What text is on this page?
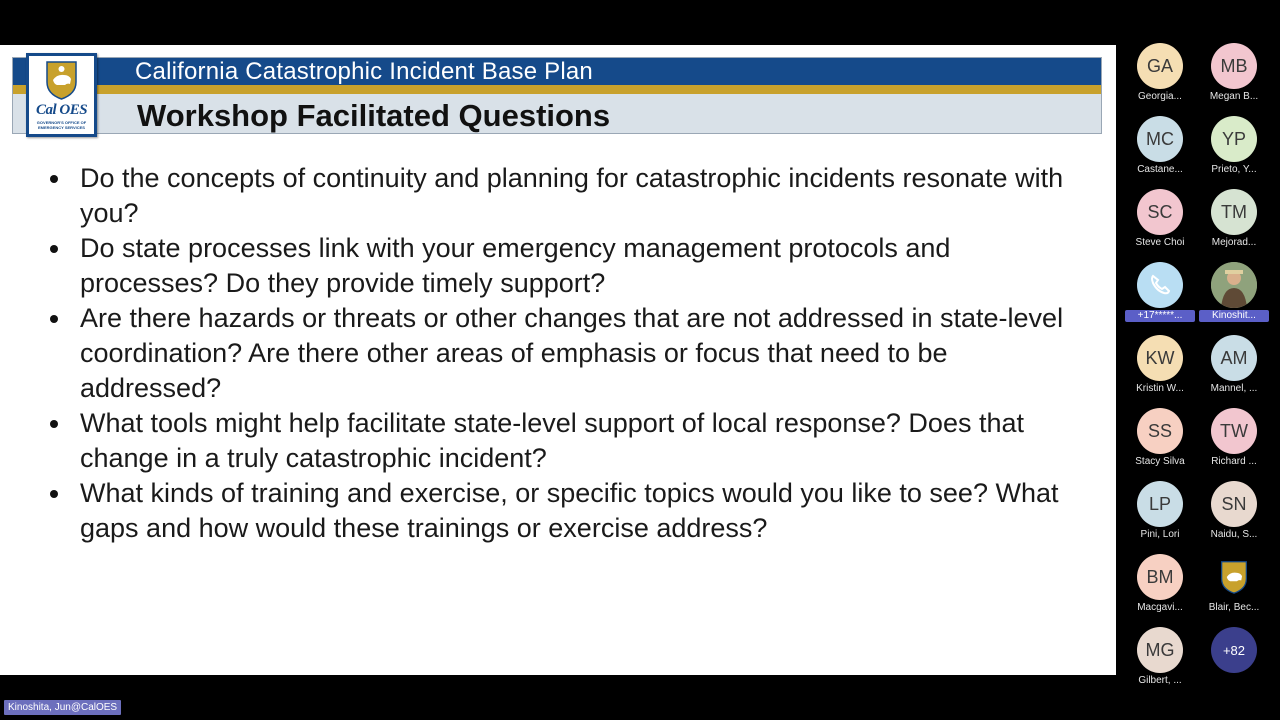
California Catastrophic Incident Base Plan
Workshop Facilitated Questions
Cal OES
GOVERNOR'S OFFICE OF EMERGENCY SERVICES
Do the concepts of continuity and planning for catastrophic incidents resonate with you?
Do state processes link with your emergency management protocols and processes? Do they provide timely support?
Are there hazards or threats or other changes that are not addressed in state-level coordination? Are there other areas of emphasis or focus that need to be addressed?
What tools might help facilitate state-level support of local response? Does that change in a truly catastrophic incident?
What kinds of training and exercise, or specific topics would you like to see? What gaps and how would these trainings or exercise address?
GA
Georgia...
MB
Megan B...
MC
Castane...
YP
Prieto, Y...
SC
Steve Choi
TM
Mejorad...
+17*****...	Kinoshit...
KW
Kristin W...
AM
Mannel, ...
SS
Stacy Silva
TW
Richard ...
LP
Pini, Lori
SN
Naidu, S...
BM
Macgavi...	Blair, Bec...
MG
Gilbert, ...
+82
Kinoshita, Jun@CalOES
